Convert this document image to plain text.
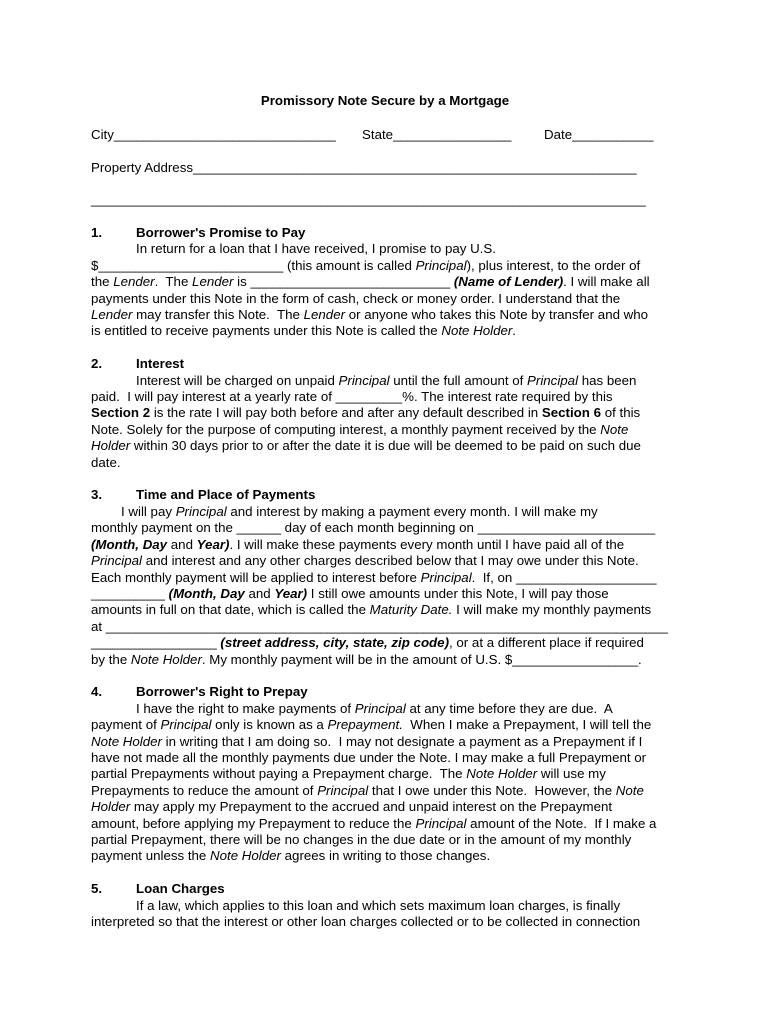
Promissory Note Secure by a Mortgage

City______________________________

State________________

Date___________

Property Address____________________________________________________________
___________________________________________________________________________
1.	Borrower's Promise to Pay
In return for a loan that I have received, I promise to pay U.S.
$_________________________ (this amount is called Principal), plus interest, to the order of
the Lender.  The Lender is ___________________________ (Name of Lender). I will make all
payments under this Note in the form of cash, check or money order. I understand that the
Lender may transfer this Note.  The Lender or anyone who takes this Note by transfer and who
is entitled to receive payments under this Note is called the Note Holder.
2.	Interest
Interest will be charged on unpaid Principal until the full amount of Principal has been
paid.  I will pay interest at a yearly rate of _________%. The interest rate required by this
Section 2 is the rate I will pay both before and after any default described in Section 6 of this
Note. Solely for the purpose of computing interest, a monthly payment received by the Note
Holder within 30 days prior to or after the date it is due will be deemed to be paid on such due
date.
3.	Time and Place of Payments
I will pay Principal and interest by making a payment every month. I will make my
monthly payment on the ______ day of each month beginning on ________________________
(Month, Day and Year). I will make these payments every month until I have paid all of the
Principal and interest and any other charges described below that I may owe under this Note.
Each monthly payment will be applied to interest before Principal.  If, on ___________________
__________ (Month, Day and Year) I still owe amounts under this Note, I will pay those
amounts in full on that date, which is called the Maturity Date. I will make my monthly payments
at ____________________________________________________________________________
_________________ (street address, city, state, zip code), or at a different place if required
by the Note Holder. My monthly payment will be in the amount of U.S. $_________________.
4.	Borrower's Right to Prepay
I have the right to make payments of Principal at any time before they are due.  A
payment of Principal only is known as a Prepayment.  When I make a Prepayment, I will tell the
Note Holder in writing that I am doing so.  I may not designate a payment as a Prepayment if I
have not made all the monthly payments due under the Note. I may make a full Prepayment or
partial Prepayments without paying a Prepayment charge.  The Note Holder will use my
Prepayments to reduce the amount of Principal that I owe under this Note.  However, the Note
Holder may apply my Prepayment to the accrued and unpaid interest on the Prepayment
amount, before applying my Prepayment to reduce the Principal amount of the Note.  If I make a
partial Prepayment, there will be no changes in the due date or in the amount of my monthly
payment unless the Note Holder agrees in writing to those changes.
5.	Loan Charges
If a law, which applies to this loan and which sets maximum loan charges, is finally
interpreted so that the interest or other loan charges collected or to be collected in connection
